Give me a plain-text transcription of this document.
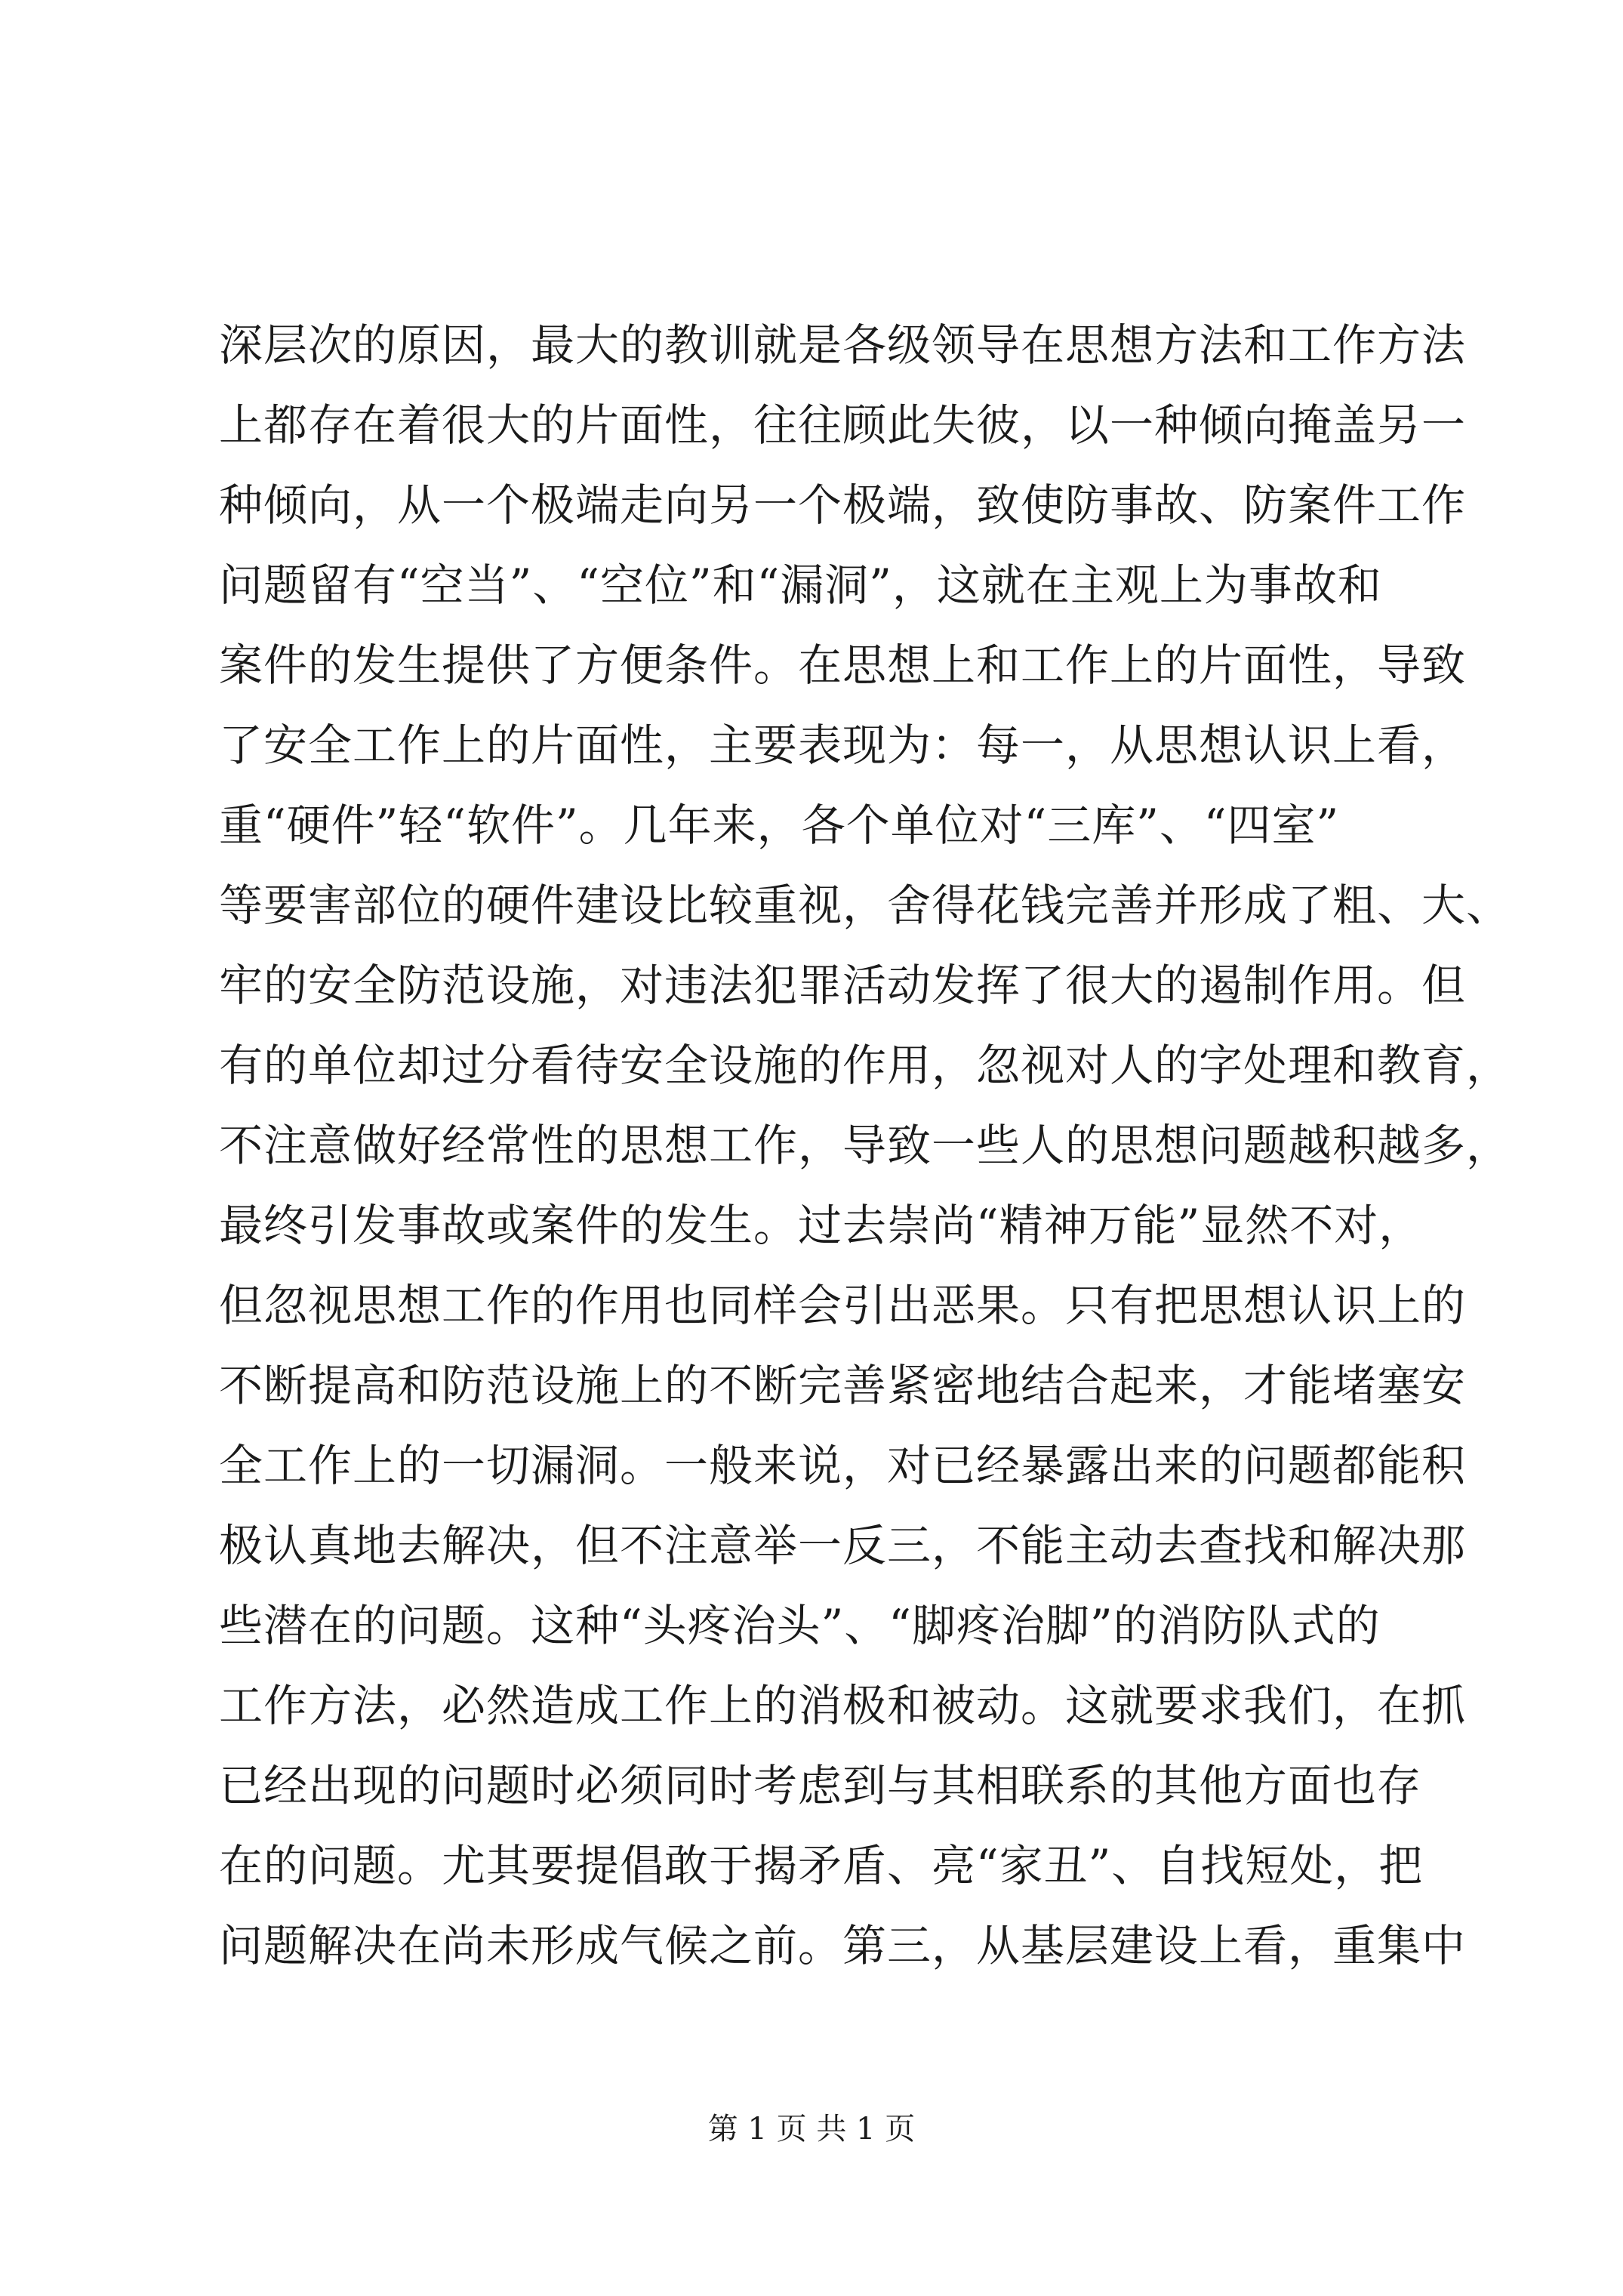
深层次的原因，最大的教训就是各级领导在思想方法和工作方法
上都存在着很大的片面性，往往顾此失彼，以一种倾向掩盖另一
种倾向，从一个极端走向另一个极端，致使防事故、防案件工作
问题留有“空当”、“空位”和“漏洞”，这就在主观上为事故和
案件的发生提供了方便条件。在思想上和工作上的片面性，导致
了安全工作上的片面性，主要表现为：每一，从思想认识上看，
重“硬件”轻“软件”。几年来，各个单位对“三库”、“四室”
等要害部位的硬件建设比较重视，舍得花钱完善并形成了粗、大、
牢的安全防范设施，对违法犯罪活动发挥了很大的遏制作用。但
有的单位却过分看待安全设施的作用，忽视对人的字处理和教育，
不注意做好经常性的思想工作，导致一些人的思想问题越积越多，
最终引发事故或案件的发生。过去崇尚“精神万能”显然不对，
但忽视思想工作的作用也同样会引出恶果。只有把思想认识上的
不断提高和防范设施上的不断完善紧密地结合起来，才能堵塞安
全工作上的一切漏洞。一般来说，对已经暴露出来的问题都能积
极认真地去解决，但不注意举一反三，不能主动去查找和解决那
些潜在的问题。这种“头疼治头”、“脚疼治脚”的消防队式的
工作方法，必然造成工作上的消极和被动。这就要求我们，在抓
已经出现的问题时必须同时考虑到与其相联系的其他方面也存
在的问题。尤其要提倡敢于揭矛盾、亮“家丑”、自找短处，把
问题解决在尚未形成气候之前。第三，从基层建设上看，重集中
第 1 页 共 1 页
